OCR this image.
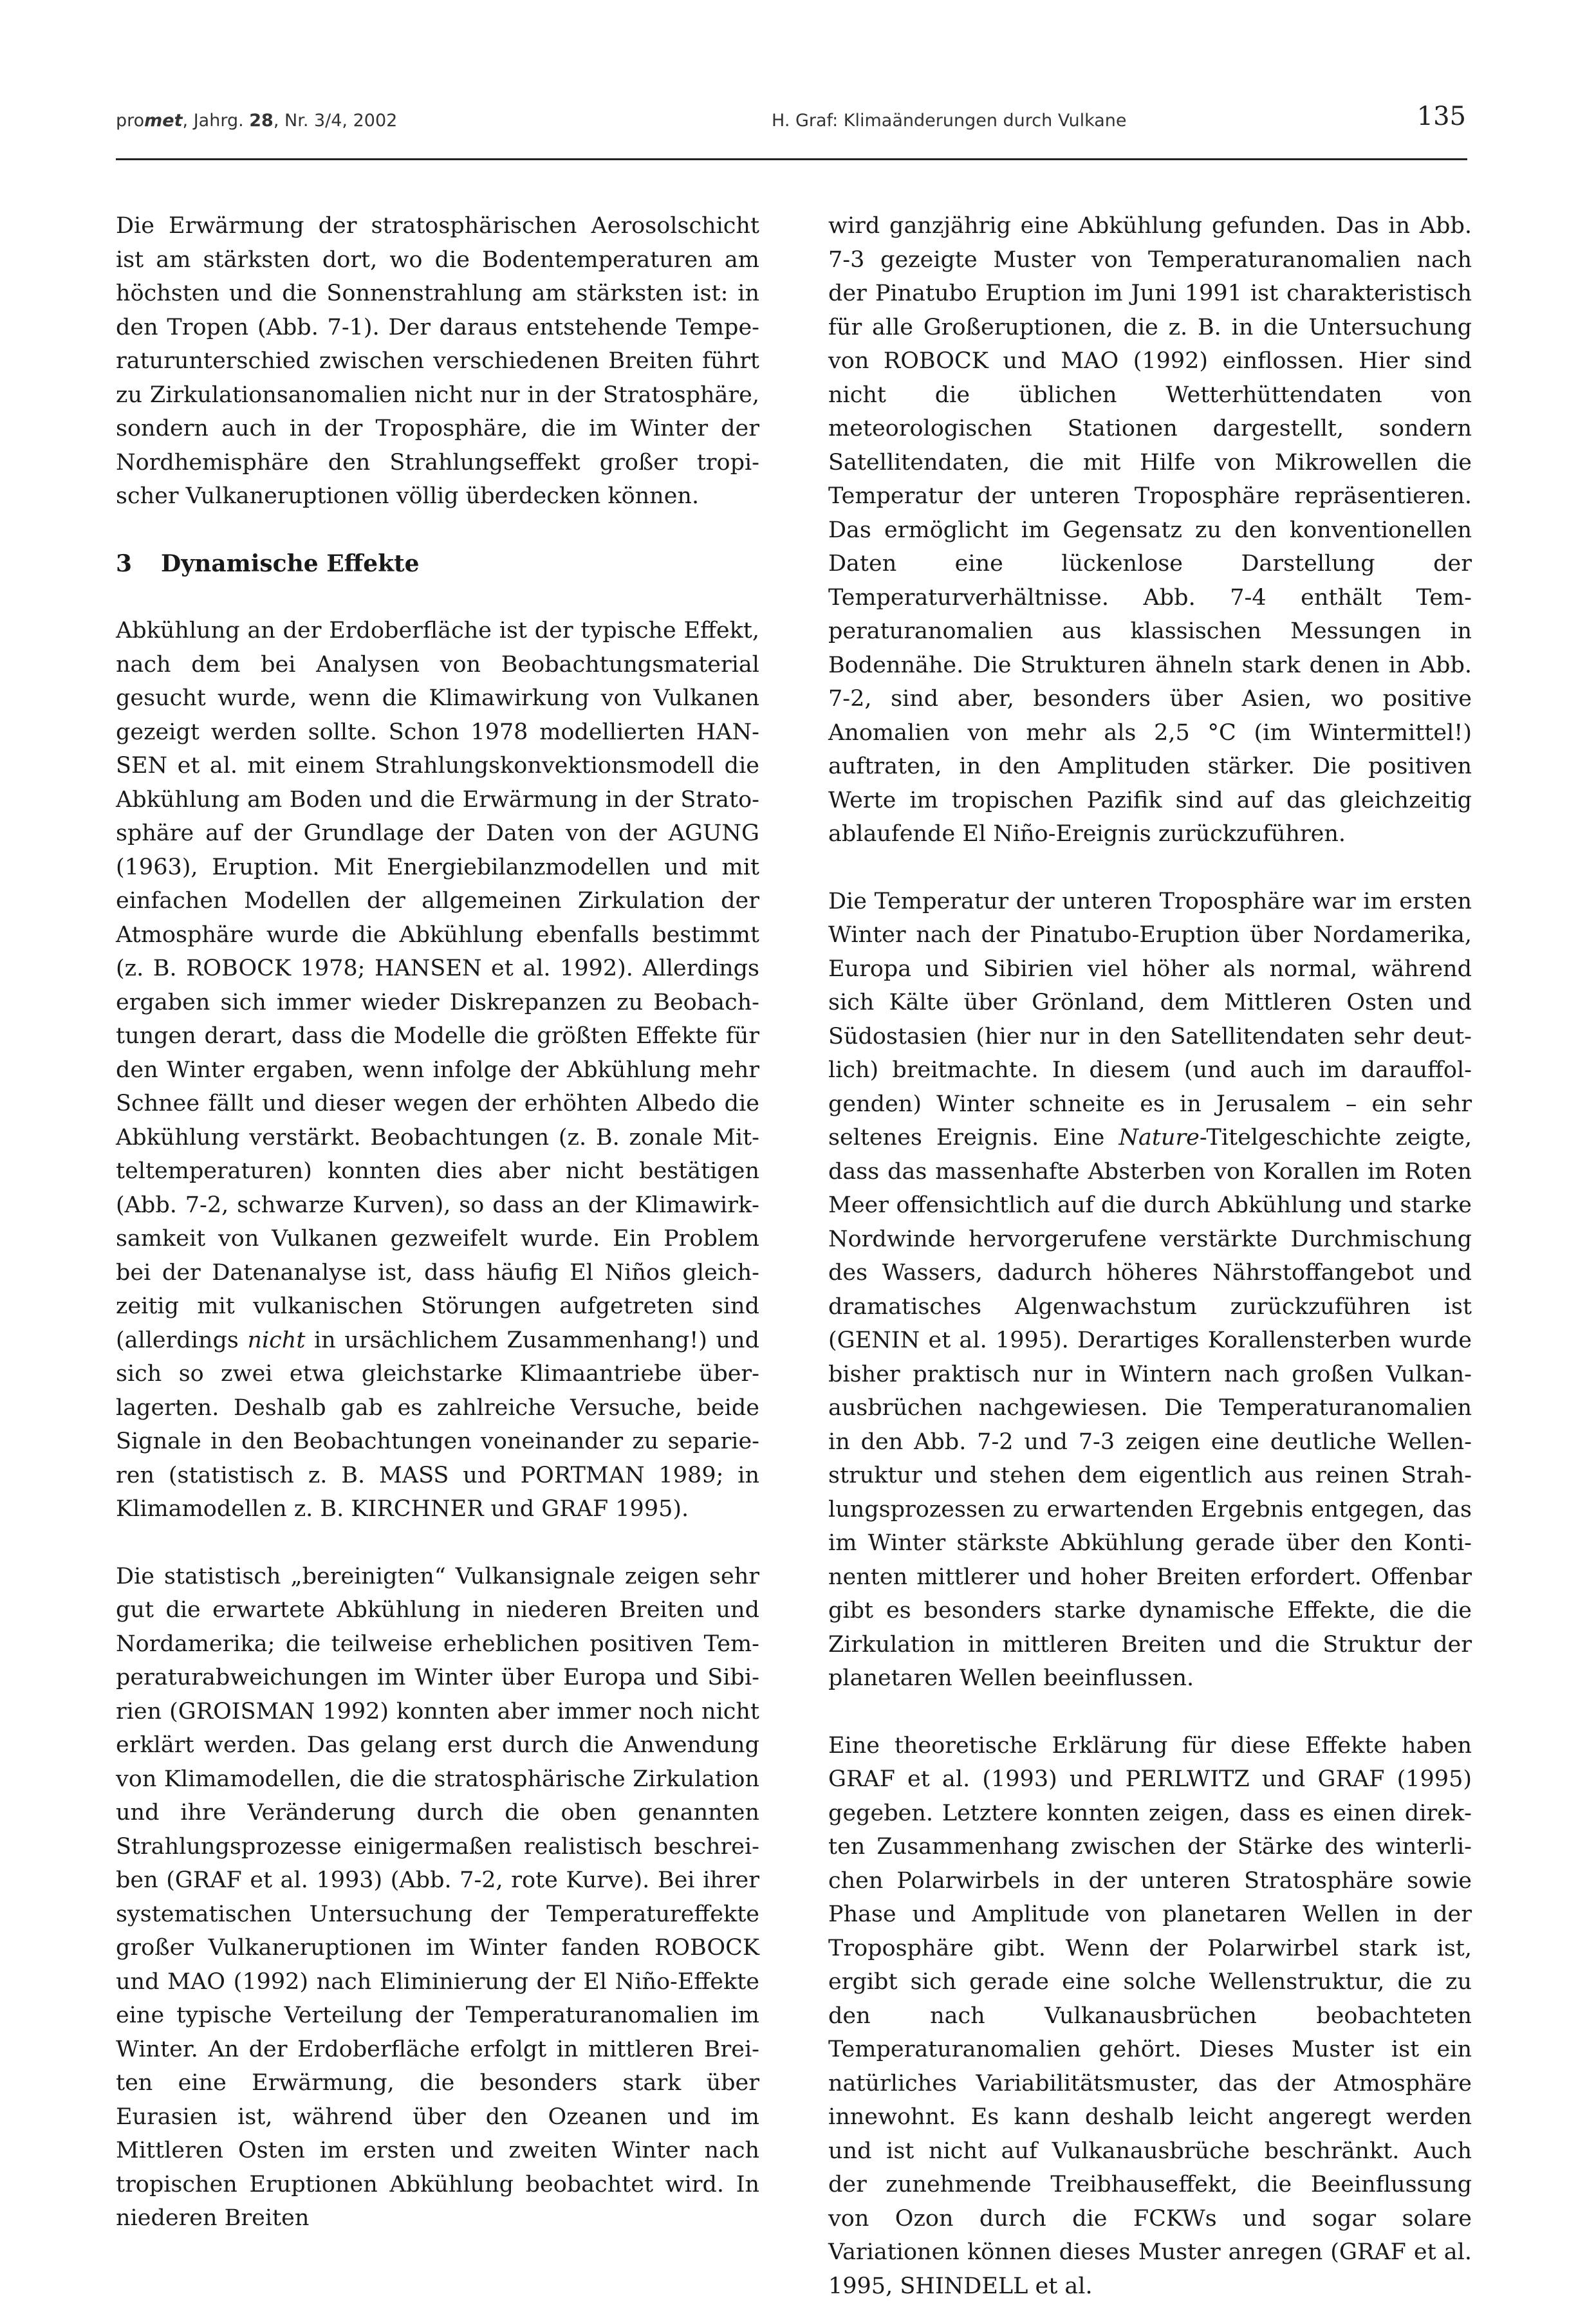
promet, Jahrg. 28, Nr. 3/4, 2002	H. Graf: Klimaänderungen durch Vulkane	135

Die Erwärmung der stratosphärischen Aerosolschicht ist am stärksten dort, wo die Bodentemperaturen am höchsten und die Sonnenstrahlung am stärksten ist: in den Tropen (Abb. 7-1). Der daraus entstehende Temperaturunterschied zwischen verschiedenen Breiten führt zu Zirkulationsanomalien nicht nur in der Stratosphäre, sondern auch in der Troposphäre, die im Winter der Nordhemisphäre den Strahlungseffekt großer tropischer Vulkaneruptionen völlig überdecken können.

3 Dynamische Effekte

Abkühlung an der Erdoberfläche ist der typische Effekt, nach dem bei Analysen von Beobachtungsmaterial gesucht wurde, wenn die Klimawirkung von Vulkanen gezeigt werden sollte. Schon 1978 modellierten HANSEN et al. mit einem Strahlungskonvektionsmodell die Abkühlung am Boden und die Erwärmung in der Stratosphäre auf der Grundlage der Daten von der AGUNG (1963), Eruption. Mit Energiebilanzmodellen und mit einfachen Modellen der allgemeinen Zirkulation der Atmosphäre wurde die Abkühlung ebenfalls bestimmt (z. B. ROBOCK 1978; HANSEN et al. 1992). Allerdings ergaben sich immer wieder Diskrepanzen zu Beobachtungen derart, dass die Modelle die größten Effekte für den Winter ergaben, wenn infolge der Abkühlung mehr Schnee fällt und dieser wegen der erhöhten Albedo die Abkühlung verstärkt. Beobachtungen (z. B. zonale Mitteltemperaturen) konnten dies aber nicht bestätigen (Abb. 7-2, schwarze Kurven), so dass an der Klimawirksamkeit von Vulkanen gezweifelt wurde. Ein Problem bei der Datenanalyse ist, dass häufig El Niños gleichzeitig mit vulkanischen Störungen aufgetreten sind (allerdings nicht in ursächlichem Zusammenhang!) und sich so zwei etwa gleichstarke Klimaantriebe überlagerten. Deshalb gab es zahlreiche Versuche, beide Signale in den Beobachtungen voneinander zu separieren (statistisch z. B. MASS und PORTMAN 1989; in Klimamodellen z. B. KIRCHNER und GRAF 1995).

Die statistisch „bereinigten“ Vulkansignale zeigen sehr gut die erwartete Abkühlung in niederen Breiten und Nordamerika; die teilweise erheblichen positiven Temperaturabweichungen im Winter über Europa und Sibirien (GROISMAN 1992) konnten aber immer noch nicht erklärt werden. Das gelang erst durch die Anwendung von Klimamodellen, die die stratosphärische Zirkulation und ihre Veränderung durch die oben genannten Strahlungsprozesse einigermaßen realistisch beschreiben (GRAF et al. 1993) (Abb. 7-2, rote Kurve). Bei ihrer systematischen Untersuchung der Temperatureffekte großer Vulkaneruptionen im Winter fanden ROBOCK und MAO (1992) nach Eliminierung der El Niño-Effekte eine typische Verteilung der Temperaturanomalien im Winter. An der Erdoberfläche erfolgt in mittleren Breiten eine Erwärmung, die besonders stark über Eurasien ist, während über den Ozeanen und im Mittleren Osten im ersten und zweiten Winter nach tropischen Eruptionen Abkühlung beobachtet wird. In niederen Breiten

wird ganzjährig eine Abkühlung gefunden. Das in Abb. 7-3 gezeigte Muster von Temperaturanomalien nach der Pinatubo Eruption im Juni 1991 ist charakteristisch für alle Großeruptionen, die z. B. in die Untersuchung von ROBOCK und MAO (1992) einflossen. Hier sind nicht die üblichen Wetterhüttendaten von meteorologischen Stationen dargestellt, sondern Satellitendaten, die mit Hilfe von Mikrowellen die Temperatur der unteren Troposphäre repräsentieren. Das ermöglicht im Gegensatz zu den konventionellen Daten eine lückenlose Darstellung der Temperaturverhältnisse. Abb. 7-4 enthält Temperaturanomalien aus klassischen Messungen in Bodennähe. Die Strukturen ähneln stark denen in Abb. 7-2, sind aber, besonders über Asien, wo positive Anomalien von mehr als 2,5 °C (im Wintermittel!) auftraten, in den Amplituden stärker. Die positiven Werte im tropischen Pazifik sind auf das gleichzeitig ablaufende El Niño-Ereignis zurückzuführen.

Die Temperatur der unteren Troposphäre war im ersten Winter nach der Pinatubo-Eruption über Nordamerika, Europa und Sibirien viel höher als normal, während sich Kälte über Grönland, dem Mittleren Osten und Südostasien (hier nur in den Satellitendaten sehr deutlich) breitmachte. In diesem (und auch im darauffolgenden) Winter schneite es in Jerusalem – ein sehr seltenes Ereignis. Eine Nature-Titelgeschichte zeigte, dass das massenhafte Absterben von Korallen im Roten Meer offensichtlich auf die durch Abkühlung und starke Nordwinde hervorgerufene verstärkte Durchmischung des Wassers, dadurch höheres Nährstoffangebot und dramatisches Algenwachstum zurückzuführen ist (GENIN et al. 1995). Derartiges Korallensterben wurde bisher praktisch nur in Wintern nach großen Vulkanausbrüchen nachgewiesen. Die Temperaturanomalien in den Abb. 7-2 und 7-3 zeigen eine deutliche Wellenstruktur und stehen dem eigentlich aus reinen Strahlungsprozessen zu erwartenden Ergebnis entgegen, das im Winter stärkste Abkühlung gerade über den Kontinenten mittlerer und hoher Breiten erfordert. Offenbar gibt es besonders starke dynamische Effekte, die die Zirkulation in mittleren Breiten und die Struktur der planetaren Wellen beeinflussen.

Eine theoretische Erklärung für diese Effekte haben GRAF et al. (1993) und PERLWITZ und GRAF (1995) gegeben. Letztere konnten zeigen, dass es einen direkten Zusammenhang zwischen der Stärke des winterlichen Polarwirbels in der unteren Stratosphäre sowie Phase und Amplitude von planetaren Wellen in der Troposphäre gibt. Wenn der Polarwirbel stark ist, ergibt sich gerade eine solche Wellenstruktur, die zu den nach Vulkanausbrüchen beobachteten Temperaturanomalien gehört. Dieses Muster ist ein natürliches Variabilitätsmuster, das der Atmosphäre innewohnt. Es kann deshalb leicht angeregt werden und ist nicht auf Vulkanausbrüche beschränkt. Auch der zunehmende Treibhauseffekt, die Beeinflussung von Ozon durch die FCKWs und sogar solare Variationen können dieses Muster anregen (GRAF et al. 1995, SHINDELL et al.
